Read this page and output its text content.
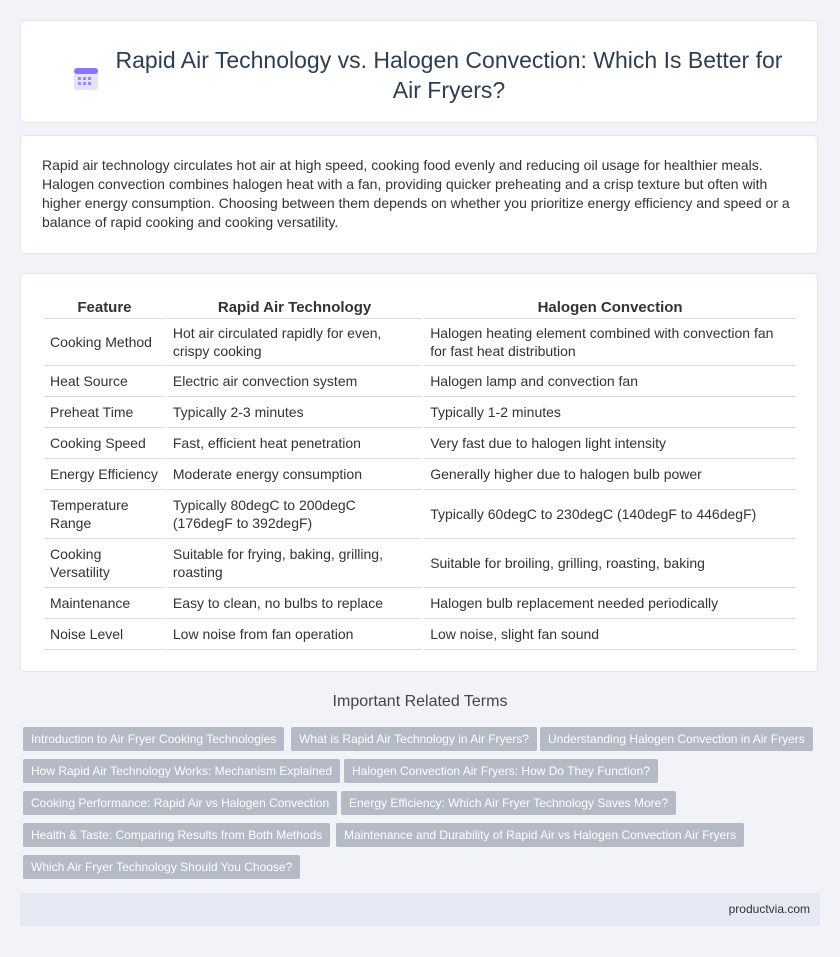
Rapid Air Technology vs. Halogen Convection: Which Is Better for Air Fryers?
Rapid air technology circulates hot air at high speed, cooking food evenly and reducing oil usage for healthier meals. Halogen convection combines halogen heat with a fan, providing quicker preheating and a crisp texture but often with higher energy consumption. Choosing between them depends on whether you prioritize energy efficiency and speed or a balance of rapid cooking and cooking versatility.
Feature	Rapid Air Technology	Halogen Convection
Cooking Method	Hot air circulated rapidly for even, crispy cooking	Halogen heating element combined with convection fan for fast heat distribution
Heat Source	Electric air convection system	Halogen lamp and convection fan
Preheat Time	Typically 2-3 minutes	Typically 1-2 minutes
Cooking Speed	Fast, efficient heat penetration	Very fast due to halogen light intensity
Energy Efficiency	Moderate energy consumption	Generally higher due to halogen bulb power
Temperature Range	Typically 80degC to 200degC (176degF to 392degF)	Typically 60degC to 230degC (140degF to 446degF)
Cooking Versatility	Suitable for frying, baking, grilling, roasting	Suitable for broiling, grilling, roasting, baking
Maintenance	Easy to clean, no bulbs to replace	Halogen bulb replacement needed periodically
Noise Level	Low noise from fan operation	Low noise, slight fan sound
Important Related Terms
Introduction to Air Fryer Cooking Technologies	What is Rapid Air Technology in Air Fryers?	Understanding Halogen Convection in Air Fryers
How Rapid Air Technology Works: Mechanism Explained	Halogen Convection Air Fryers: How Do They Function?
Cooking Performance: Rapid Air vs Halogen Convection	Energy Efficiency: Which Air Fryer Technology Saves More?
Health & Taste: Comparing Results from Both Methods	Maintenance and Durability of Rapid Air vs Halogen Convection Air Fryers
Which Air Fryer Technology Should You Choose?
productvia.com
